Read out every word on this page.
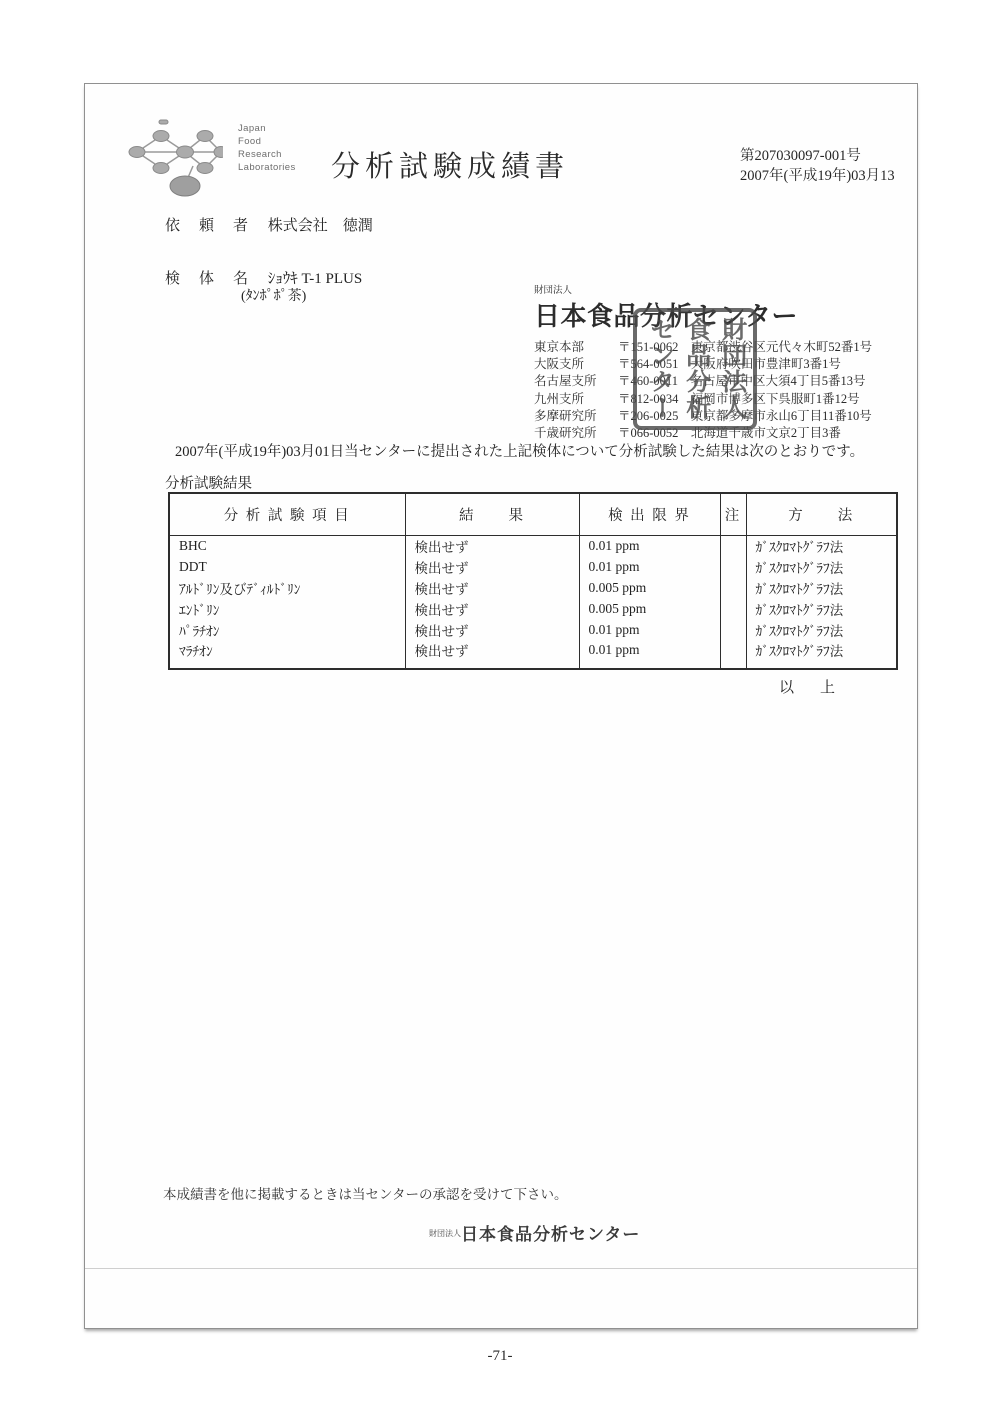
Japan
Food
Research
Laboratories 分析試験成績書	第207030097-001号
2007年(平成19年)03月13
依　頼　者 株式会社　徳潤
検　体　名 ｼｮｳｷ T-1 PLUS
(ﾀﾝﾎﾟﾎﾟ茶)	財団法人
日本食品分析センター
東京本部	〒151-0062　東京都渋谷区元代々木町52番1号
大阪支所	〒564-0051　大阪府吹田市豊津町3番1号
名古屋支所	〒460-0011　名古屋市中区大須4丁目5番13号
九州支所	〒812-0034　福岡市博多区下呉服町1番12号
多摩研究所	〒206-0025　東京都多摩市永山6丁目11番10号
千歳研究所	〒066-0052　北海道千歳市文京2丁目3番
センター 食品分析 財団法人
2007年(平成19年)03月01日当センターに提出された上記検体について分析試験した結果は次のとおりです。
分析試験結果
分 析 試 験 項 目	結　　果	検 出 限 界	注	方　　法
BHC	検出せず	0.01 ppm		ｶﾞｽｸﾛﾏﾄｸﾞﾗﾌ法
DDT	検出せず	0.01 ppm		ｶﾞｽｸﾛﾏﾄｸﾞﾗﾌ法
ｱﾙﾄﾞﾘﾝ及びﾃﾞｨﾙﾄﾞﾘﾝ	検出せず	0.005 ppm		ｶﾞｽｸﾛﾏﾄｸﾞﾗﾌ法
ｴﾝﾄﾞﾘﾝ	検出せず	0.005 ppm		ｶﾞｽｸﾛﾏﾄｸﾞﾗﾌ法
ﾊﾟﾗﾁｵﾝ	検出せず	0.01 ppm		ｶﾞｽｸﾛﾏﾄｸﾞﾗﾌ法
ﾏﾗﾁｵﾝ	検出せず	0.01 ppm		ｶﾞｽｸﾛﾏﾄｸﾞﾗﾌ法
以上
本成績書を他に掲載するときは当センターの承認を受けて下さい。
$^{財団法人}$日本食品分析センター
-71-
